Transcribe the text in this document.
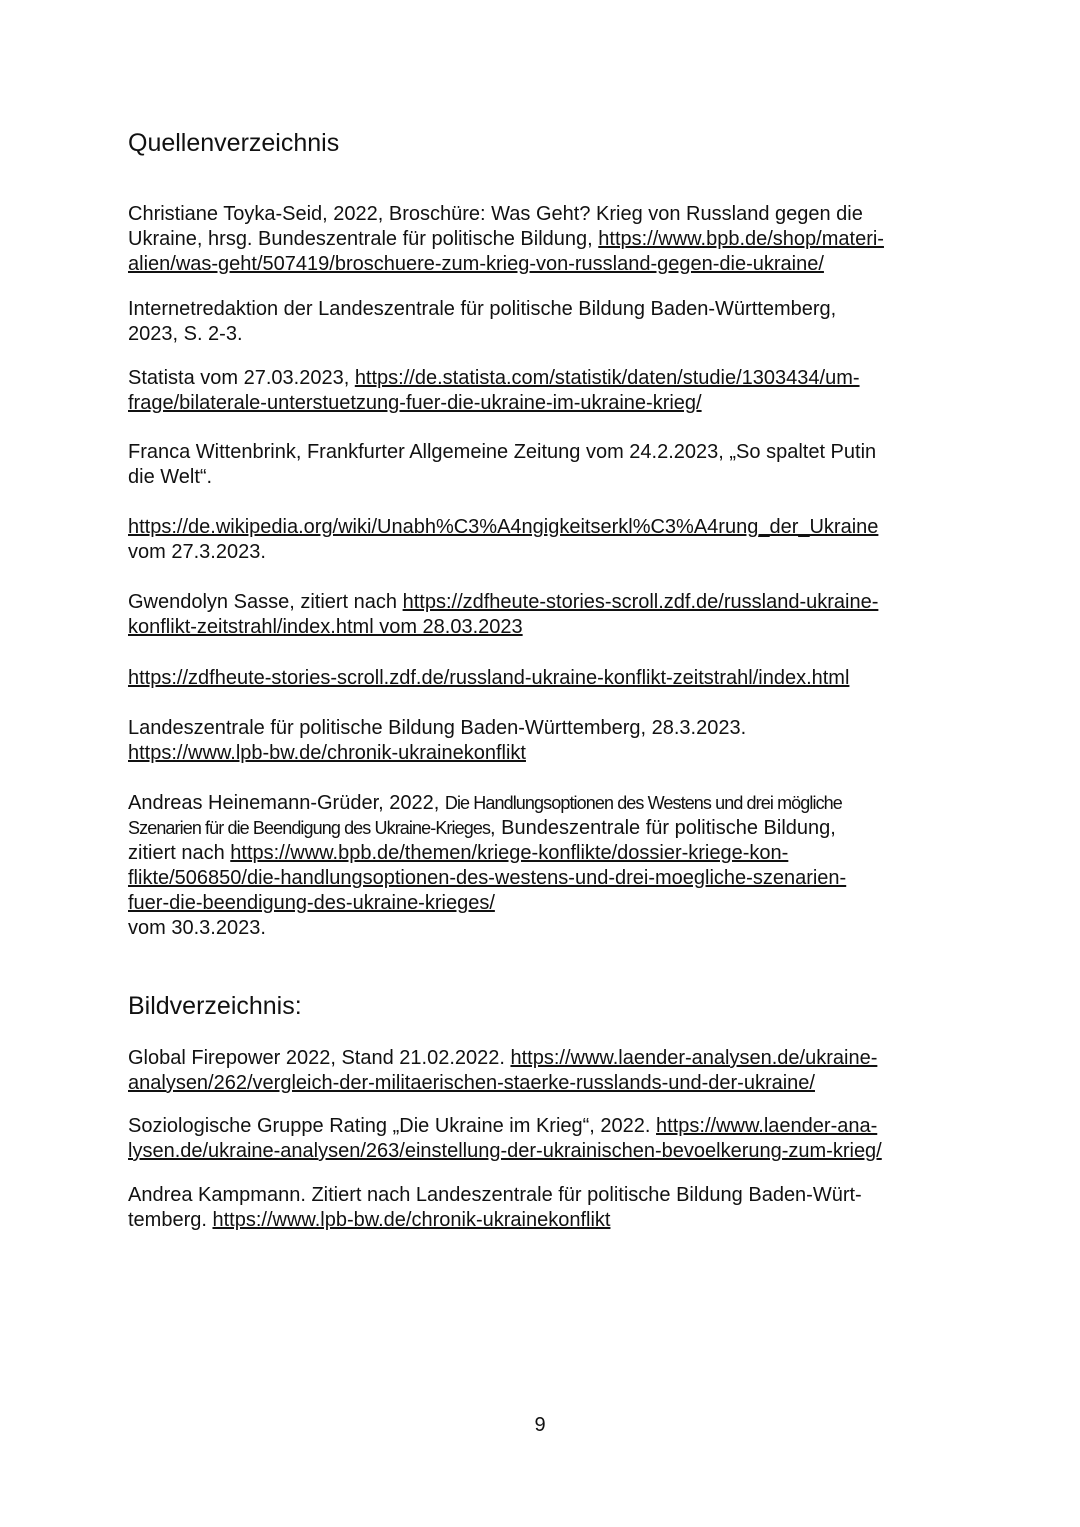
Quellenverzeichnis
Christiane Toyka-Seid, 2022, Broschüre: Was Geht? Krieg von Russland gegen die
Ukraine, hrsg. Bundeszentrale für politische Bildung, https://www.bpb.de/shop/materi-
alien/was-geht/507419/broschuere-zum-krieg-von-russland-gegen-die-ukraine/
Internetredaktion der Landeszentrale für politische Bildung Baden-Württemberg,
2023, S. 2-3.
Statista vom 27.03.2023, https://de.statista.com/statistik/daten/studie/1303434/um-
frage/bilaterale-unterstuetzung-fuer-die-ukraine-im-ukraine-krieg/
Franca Wittenbrink, Frankfurter Allgemeine Zeitung vom 24.2.2023, „So spaltet Putin
die Welt“.
https://de.wikipedia.org/wiki/Unabh%C3%A4ngigkeitserkl%C3%A4rung_der_Ukraine
vom 27.3.2023.
Gwendolyn Sasse, zitiert nach https://zdfheute-stories-scroll.zdf.de/russland-ukraine-
konflikt-zeitstrahl/index.html vom 28.03.2023
https://zdfheute-stories-scroll.zdf.de/russland-ukraine-konflikt-zeitstrahl/index.html
Landeszentrale für politische Bildung Baden-Württemberg, 28.3.2023.
https://www.lpb-bw.de/chronik-ukrainekonflikt
Andreas Heinemann-Grüder, 2022, Die Handlungsoptionen des Westens und drei mögliche
Szenarien für die Beendigung des Ukraine-Krieges, Bundeszentrale für politische Bildung,
zitiert nach https://www.bpb.de/themen/kriege-konflikte/dossier-kriege-kon-
flikte/506850/die-handlungsoptionen-des-westens-und-drei-moegliche-szenarien-
fuer-die-beendigung-des-ukraine-krieges/
vom 30.3.2023.
Bildverzeichnis:
Global Firepower 2022, Stand 21.02.2022. https://www.laender-analysen.de/ukraine-
analysen/262/vergleich-der-militaerischen-staerke-russlands-und-der-ukraine/
Soziologische Gruppe Rating „Die Ukraine im Krieg“, 2022. https://www.laender-ana-
lysen.de/ukraine-analysen/263/einstellung-der-ukrainischen-bevoelkerung-zum-krieg/
Andrea Kampmann. Zitiert nach Landeszentrale für politische Bildung Baden-Würt-
temberg. https://www.lpb-bw.de/chronik-ukrainekonflikt
9
